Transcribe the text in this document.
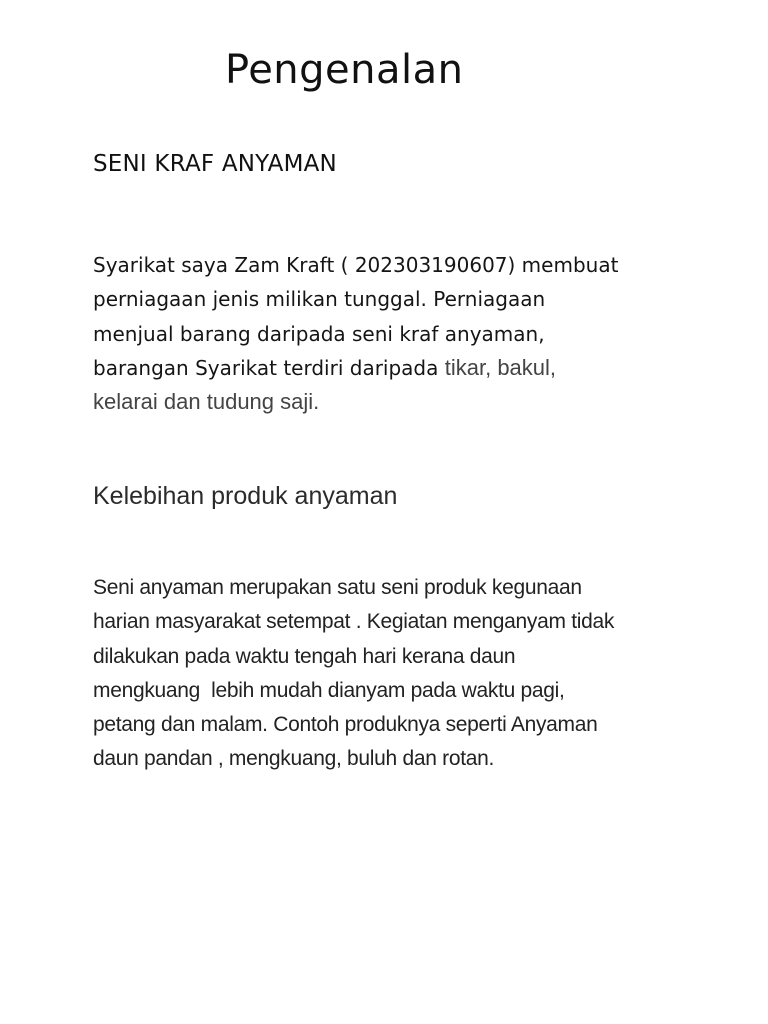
Pengenalan
SENI KRAF ANYAMAN

Syarikat saya Zam Kraft ( 202303190607) membuat
perniagaan jenis milikan tunggal. Perniagaan
menjual barang daripada seni kraf anyaman,
barangan Syarikat terdiri daripada tikar, bakul,
kelarai dan tudung saji.

Kelebihan produk anyaman

Seni anyaman merupakan satu seni produk kegunaan
harian masyarakat setempat . Kegiatan menganyam tidak
dilakukan pada waktu tengah hari kerana daun
mengkuang  lebih mudah dianyam pada waktu pagi,
petang dan malam. Contoh produknya seperti Anyaman
daun pandan , mengkuang, buluh dan rotan.
